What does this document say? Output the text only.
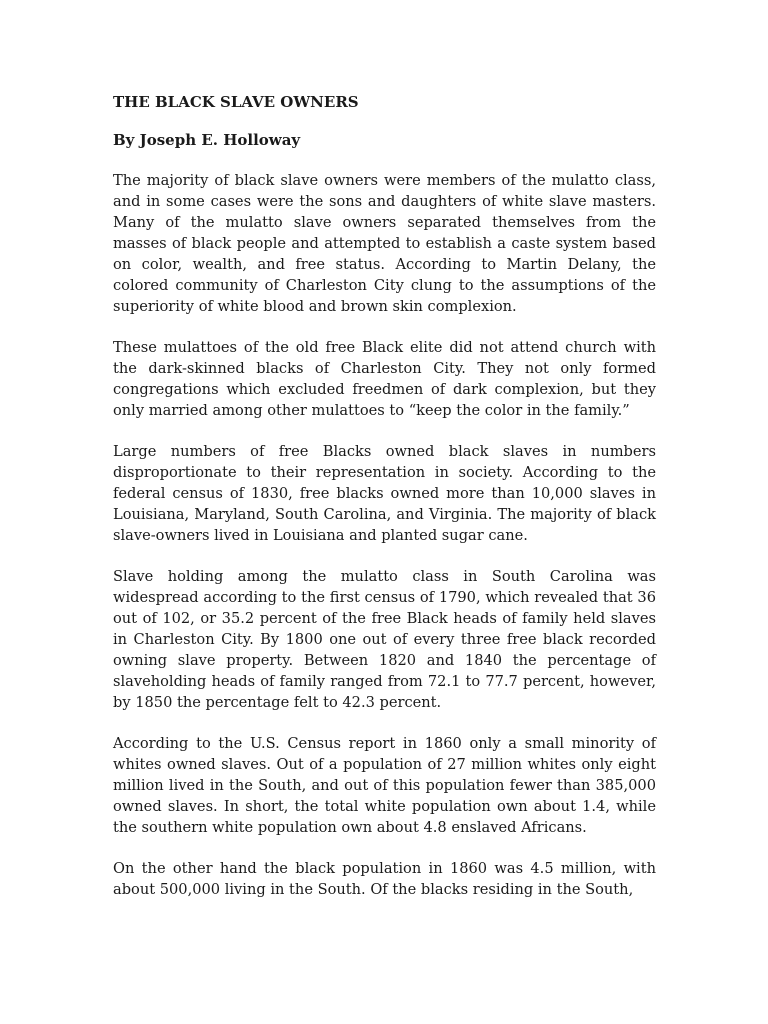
THE BLACK SLAVE OWNERS
By Joseph E. Holloway

The majority of black slave owners were members of the mulatto class, and in some cases were the sons and daughters of white slave masters. Many of the mulatto slave owners separated themselves from the masses of black people and attempted to establish a caste system based on color, wealth, and free status. According to Martin Delany, the colored community of Charleston City clung to the assumptions of the superiority of white blood and brown skin complexion.

These mulattoes of the old free Black elite did not attend church with the dark-skinned blacks of Charleston City. They not only formed congregations which excluded freedmen of dark complexion, but they only married among other mulattoes to “keep the color in the family.”

Large numbers of free Blacks owned black slaves in numbers disproportionate to their representation in society. According to the federal census of 1830, free blacks owned more than 10,000 slaves in Louisiana, Maryland, South Carolina, and Virginia. The majority of black slave-owners lived in Louisiana and planted sugar cane.

Slave holding among the mulatto class in South Carolina was widespread according to the first census of 1790, which revealed that 36 out of 102, or 35.2 percent of the free Black heads of family held slaves in Charleston City. By 1800 one out of every three free black recorded owning slave property. Between 1820 and 1840 the percentage of slaveholding heads of family ranged from 72.1 to 77.7 percent, however, by 1850 the percentage felt to 42.3 percent.

According to the U.S. Census report in 1860 only a small minority of whites owned slaves. Out of a population of 27 million whites only eight million lived in the South, and out of this population fewer than 385,000 owned slaves. In short, the total white population own about 1.4, while the southern white population own about 4.8 enslaved Africans.

On the other hand the black population in 1860 was 4.5 million, with about 500,000 living in the South. Of the blacks residing in the South,
